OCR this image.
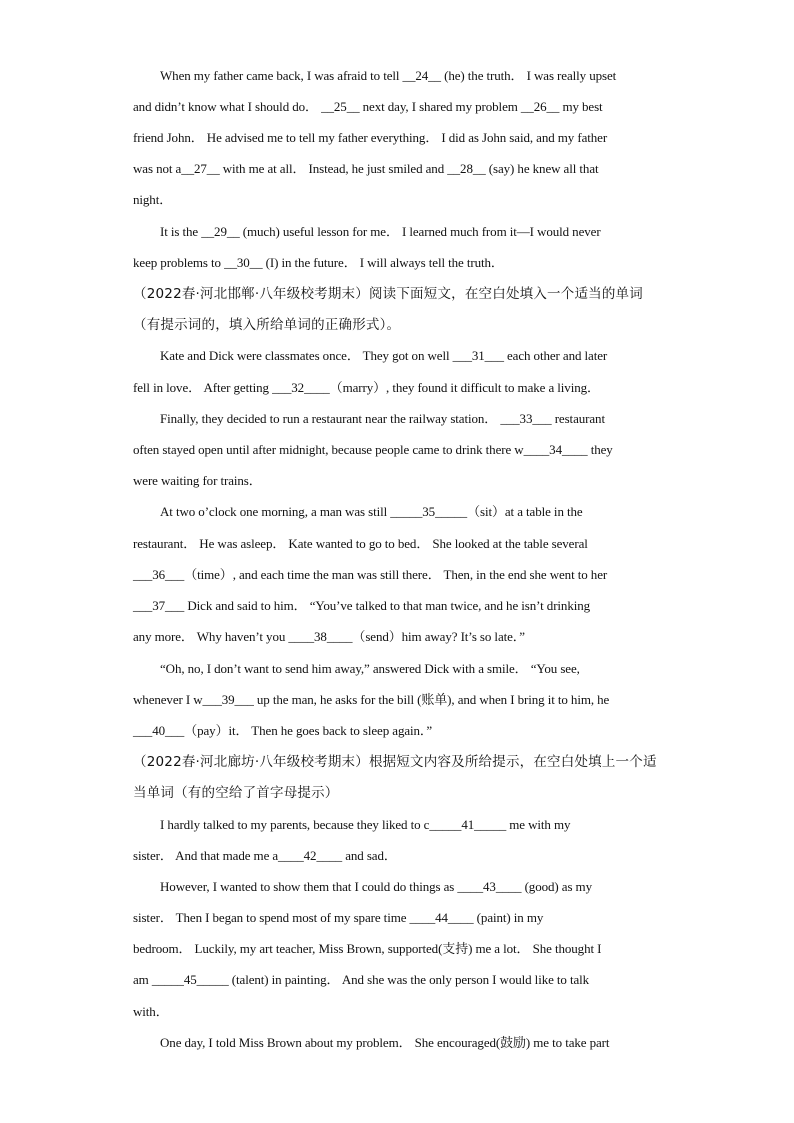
When my father came back, I was afraid to tell __24__ (he) the truth． I was really upset
and didn’t know what I should do． __25__ next day, I shared my problem __26__ my best
friend John． He advised me to tell my father everything． I did as John said, and my father
was not a__27__ with me at all． Instead, he just smiled and __28__ (say) he knew all that
night．
It is the __29__ (much) useful lesson for me． I learned much from it—I would never
keep problems to __30__ (I) in the future． I will always tell the truth．
（2022春·河北邯郸·八年级校考期末）阅读下面短文，在空白处填入一个适当的单词
（有提示词的，填入所给单词的正确形式）。
Kate and Dick were classmates once． They got on well ___31___ each other and later
fell in love． After getting ___32____（marry）, they found it difficult to make a living．
Finally, they decided to run a restaurant near the railway station． ___33___ restaurant
often stayed open until after midnight, because people came to drink there w____34____ they
were waiting for trains．
At two o’clock one morning, a man was still _____35_____（sit）at a table in the
restaurant． He was asleep． Kate wanted to go to bed． She looked at the table several
___36___（time）, and each time the man was still there． Then, in the end she went to her
___37___ Dick and said to him． “You’ve talked to that man twice, and he isn’t drinking
any more． Why haven’t you ____38____（send）him away? It’s so late．”
“Oh, no, I don’t want to send him away,” answered Dick with a smile． “You see,
whenever I w___39___ up the man, he asks for the bill (账单), and when I bring it to him, he
___40___（pay）it． Then he goes back to sleep again．”
（2022春·河北廊坊·八年级校考期末）根据短文内容及所给提示，在空白处填上一个适
当单词（有的空给了首字母提示）
I hardly talked to my parents, because they liked to c_____41_____ me with my
sister． And that made me a____42____ and sad．
However, I wanted to show them that I could do things as ____43____ (good) as my
sister． Then I began to spend most of my spare time ____44____ (paint) in my
bedroom． Luckily, my art teacher, Miss Brown, supported(支持) me a lot． She thought I
am _____45_____ (talent) in painting． And she was the only person I would like to talk
with．
One day, I told Miss Brown about my problem． She encouraged(鼓励) me to take part
